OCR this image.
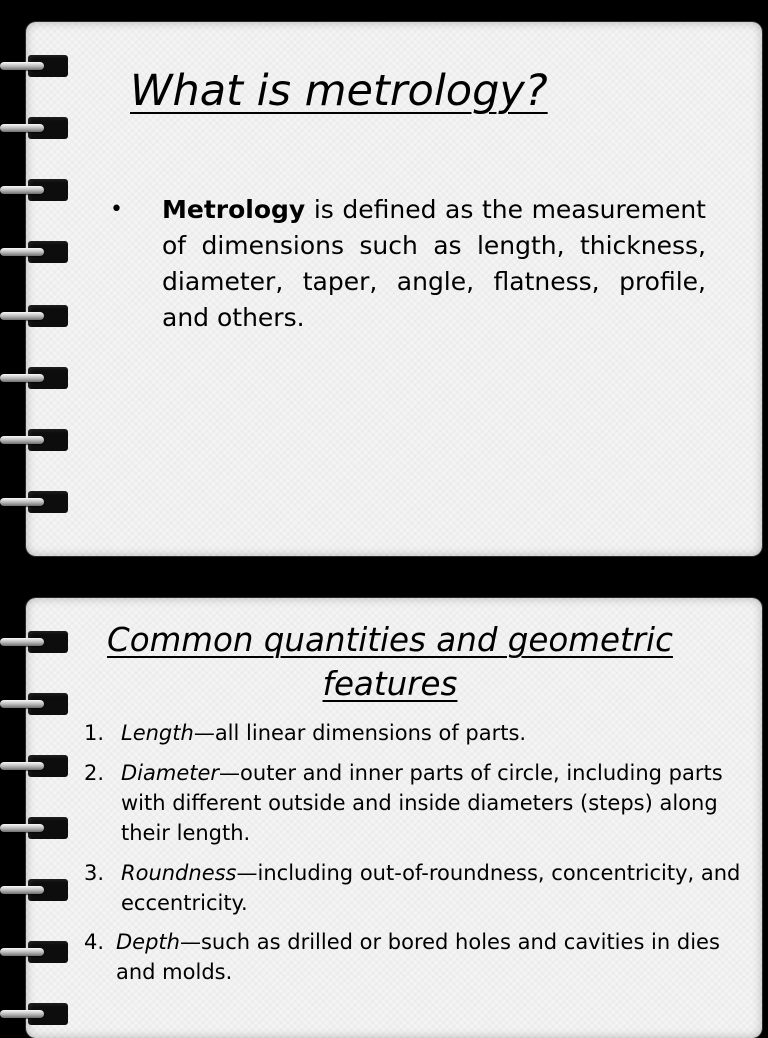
What is metrology?
• Metrology is defined as the measurement of dimensions such as length, thickness, diameter, taper, angle, flatness, profile, and others.

Common quantities and geometric features
1. Length—all linear dimensions of parts.
2. Diameter—outer and inner parts of circle, including parts with different outside and inside diameters (steps) along their length.
3. Roundness—including out-of-roundness, concentricity, and eccentricity.
4. Depth—such as drilled or bored holes and cavities in dies and molds.
